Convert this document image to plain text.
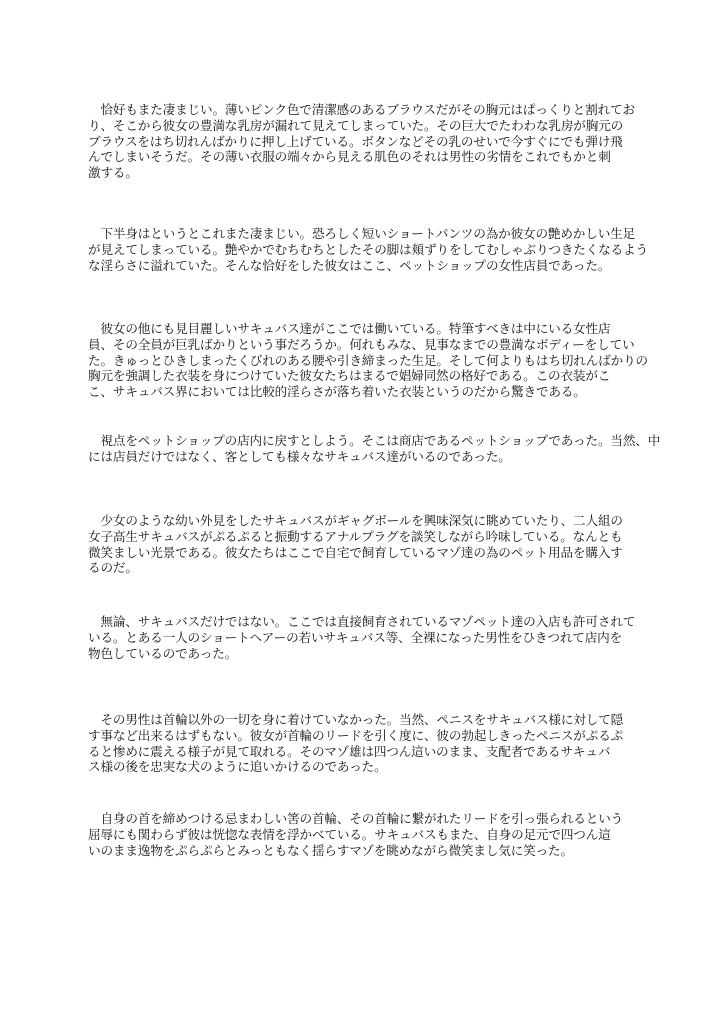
　恰好もまた凄まじい。薄いピンク色で清潔感のあるブラウスだがその胸元はぱっくりと割れてお
り、そこから彼女の豊満な乳房が漏れて見えてしまっていた。その巨大でたわわな乳房が胸元の
ブラウスをはち切れんばかりに押し上げている。ボタンなどその乳のせいで今すぐにでも弾け飛
んでしまいそうだ。その薄い衣服の端々から見える肌色のそれは男性の劣情をこれでもかと刺
激する。
　下半身はというとこれまた凄まじい。恐ろしく短いショートパンツの為か彼女の艶めかしい生足
が見えてしまっている。艶やかでむちむちとしたその脚は頬ずりをしてむしゃぶりつきたくなるよう
な淫らさに溢れていた。そんな恰好をした彼女はここ、ペットショップの女性店員であった。
　彼女の他にも見目麗しいサキュバス達がここでは働いている。特筆すべきは中にいる女性店
員、その全員が巨乳ばかりという事だろうか。何れもみな、見事なまでの豊満なボディーをしてい
た。きゅっとひきしまったくびれのある腰や引き締まった生足。そして何よりもはち切れんばかりの
胸元を強調した衣装を身につけていた彼女たちはまるで娼婦同然の格好である。この衣装がこ
こ、サキュバス界においては比較的淫らさが落ち着いた衣装というのだから驚きである。
　視点をペットショップの店内に戻すとしよう。そこは商店であるペットショップであった。当然、中
には店員だけではなく、客としても様々なサキュバス達がいるのであった。
　少女のような幼い外見をしたサキュバスがギャグボールを興味深気に眺めていたり、二人組の
女子高生サキュバスがぷるぷると振動するアナルプラグを談笑しながら吟味している。なんとも
微笑ましい光景である。彼女たちはここで自宅で飼育しているマゾ達の為のペット用品を購入す
るのだ。
　無論、サキュバスだけではない。ここでは直接飼育されているマゾペット達の入店も許可されて
いる。とある一人のショートヘアーの若いサキュバス等、全裸になった男性をひきつれて店内を
物色しているのであった。
　その男性は首輪以外の一切を身に着けていなかった。当然、ペニスをサキュバス様に対して隠
す事など出来るはずもない。彼女が首輪のリードを引く度に、彼の勃起しきったペニスがぷるぷ
ると惨めに震える様子が見て取れる。そのマゾ雄は四つん這いのまま、支配者であるサキュバ
ス様の後を忠実な犬のように追いかけるのであった。
　自身の首を締めつける忌まわしい筈の首輪、その首輪に繋がれたリードを引っ張られるという
屈辱にも関わらず彼は恍惚な表情を浮かべている。サキュバスもまた、自身の足元で四つん這
いのまま逸物をぷらぷらとみっともなく揺らすマゾを眺めながら微笑まし気に笑った。
